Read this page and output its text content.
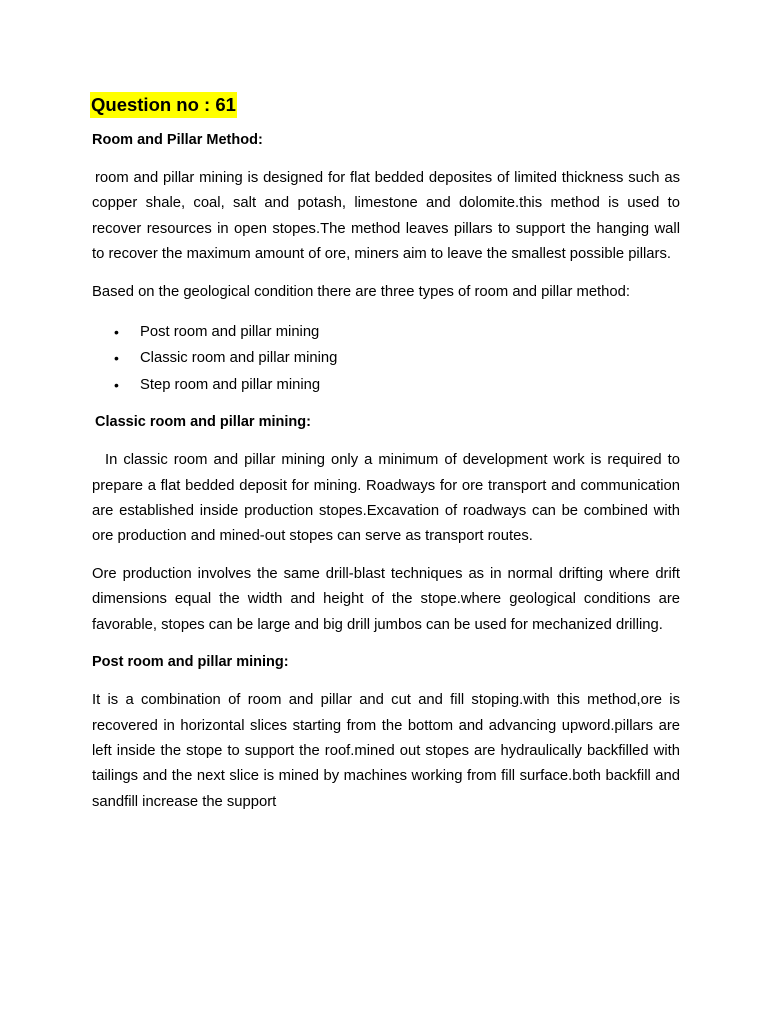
Question no : 61

Room and Pillar Method:

room and pillar mining is designed for flat bedded deposites of limited thickness such as copper shale, coal, salt and potash, limestone and dolomite.this method is used to recover resources in open stopes.The method leaves pillars to support the hanging wall to recover the maximum amount of ore, miners aim to leave the smallest possible pillars.

Based on the geological condition there are three types of room and pillar method:

• Post room and pillar mining
• Classic room and pillar mining
• Step room and pillar mining

Classic room and pillar mining:

In classic room and pillar mining only a minimum of development work is required to prepare a flat bedded deposit for mining. Roadways for ore transport and communication are established inside production stopes.Excavation of roadways can be combined with ore production and mined-out stopes can serve as transport routes.

Ore production involves the same drill-blast techniques as in normal drifting where drift dimensions equal the width and height of the stope.where geological conditions are favorable, stopes can be large and big drill jumbos can be used for mechanized drilling.

Post room and pillar mining:

It is a combination of room and pillar and cut and fill stoping.with this method,ore is recovered in horizontal slices starting from the bottom and advancing upword.pillars are left inside the stope to support the roof.mined out stopes are hydraulically backfilled with tailings and the next slice is mined by machines working from fill surface.both backfill and sandfill increase the support
